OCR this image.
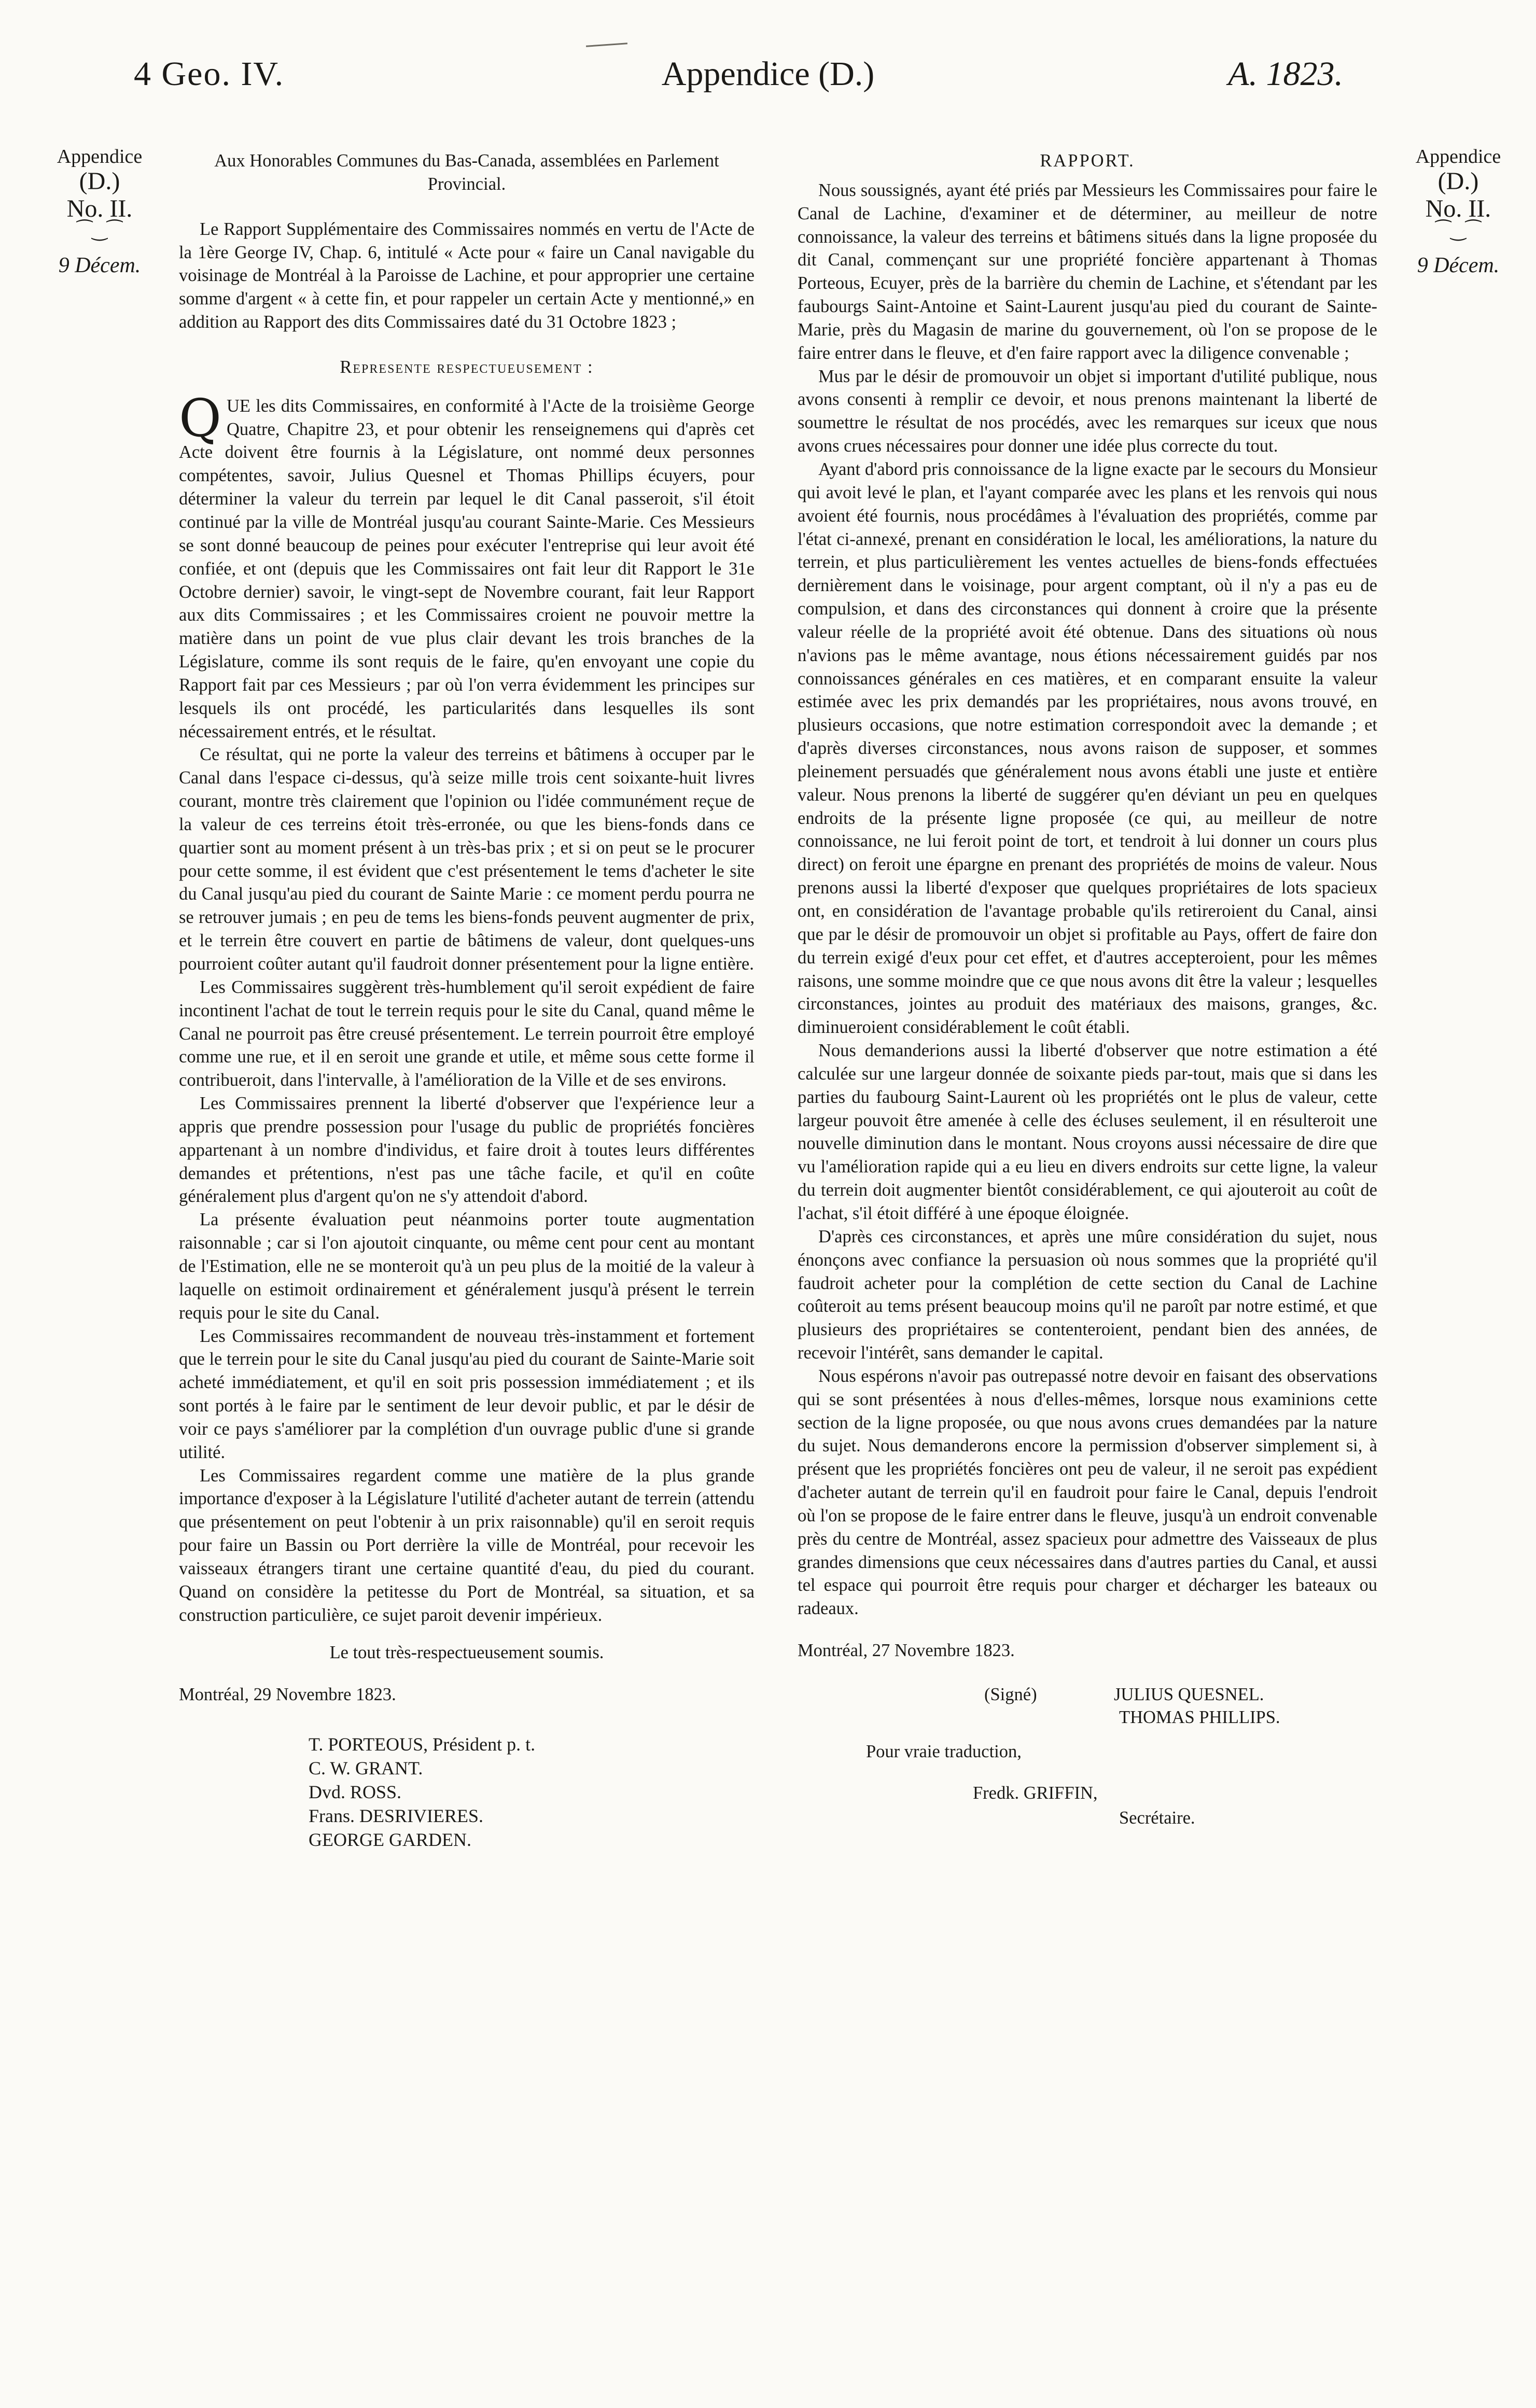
4 Geo. IV.	Appendice (D.)	A. 1823.
Appendice
(D.)
No. II.
⁀‿⁀
9 Décem.
Appendice
(D.)
No. II.
⁀‿⁀
9 Décem.

Aux Honorables Communes du Bas-Canada, assemblées en Parlement Provincial.

Le Rapport Supplémentaire des Commissaires nommés en vertu de l'Acte de la 1ère George IV, Chap. 6, intitulé « Acte pour « faire un Canal navigable du voisinage de Montréal à la Paroisse de Lachine, et pour approprier une certaine somme d'argent « à cette fin, et pour rappeler un certain Acte y mentionné,» en addition au Rapport des dits Commissaires daté du 31 Octobre 1823 ;

Represente respectueusement :

QUE les dits Commissaires, en conformité à l'Acte de la troisième George Quatre, Chapitre 23, et pour obtenir les renseignemens qui d'après cet Acte doivent être fournis à la Législature, ont nommé deux personnes compétentes, savoir, Julius Quesnel et Thomas Phillips écuyers, pour déterminer la valeur du terrein par lequel le dit Canal passeroit, s'il étoit continué par la ville de Montréal jusqu'au courant Sainte-Marie. Ces Messieurs se sont donné beaucoup de peines pour exécuter l'entreprise qui leur avoit été confiée, et ont (depuis que les Commissaires ont fait leur dit Rapport le 31e Octobre dernier) savoir, le vingt-sept de Novembre courant, fait leur Rapport aux dits Commissaires ; et les Commissaires croient ne pouvoir mettre la matière dans un point de vue plus clair devant les trois branches de la Législature, comme ils sont requis de le faire, qu'en envoyant une copie du Rapport fait par ces Messieurs ; par où l'on verra évidemment les principes sur lesquels ils ont procédé, les particularités dans lesquelles ils sont nécessairement entrés, et le résultat.

Ce résultat, qui ne porte la valeur des terreins et bâtimens à occuper par le Canal dans l'espace ci-dessus, qu'à seize mille trois cent soixante-huit livres courant, montre très clairement que l'opinion ou l'idée communément reçue de la valeur de ces terreins étoit très-erronée, ou que les biens-fonds dans ce quartier sont au moment présent à un très-bas prix ; et si on peut se le procurer pour cette somme, il est évident que c'est présentement le tems d'acheter le site du Canal jusqu'au pied du courant de Sainte Marie : ce moment perdu pourra ne se retrouver jumais ; en peu de tems les biens-fonds peuvent augmenter de prix, et le terrein être couvert en partie de bâtimens de valeur, dont quelques-uns pourroient coûter autant qu'il faudroit donner présentement pour la ligne entière.

Les Commissaires suggèrent très-humblement qu'il seroit expédient de faire incontinent l'achat de tout le terrein requis pour le site du Canal, quand même le Canal ne pourroit pas être creusé présentement. Le terrein pourroit être employé comme une rue, et il en seroit une grande et utile, et même sous cette forme il contribueroit, dans l'intervalle, à l'amélioration de la Ville et de ses environs.

Les Commissaires prennent la liberté d'observer que l'expérience leur a appris que prendre possession pour l'usage du public de propriétés foncières appartenant à un nombre d'individus, et faire droit à toutes leurs différentes demandes et prétentions, n'est pas une tâche facile, et qu'il en coûte généralement plus d'argent qu'on ne s'y attendoit d'abord.

La présente évaluation peut néanmoins porter toute augmentation raisonnable ; car si l'on ajoutoit cinquante, ou même cent pour cent au montant de l'Estimation, elle ne se monteroit qu'à un peu plus de la moitié de la valeur à laquelle on estimoit ordinairement et généralement jusqu'à présent le terrein requis pour le site du Canal.

Les Commissaires recommandent de nouveau très-instamment et fortement que le terrein pour le site du Canal jusqu'au pied du courant de Sainte-Marie soit acheté immédiatement, et qu'il en soit pris possession immédiatement ; et ils sont portés à le faire par le sentiment de leur devoir public, et par le désir de voir ce pays s'améliorer par la complétion d'un ouvrage public d'une si grande utilité.

Les Commissaires regardent comme une matière de la plus grande importance d'exposer à la Législature l'utilité d'acheter autant de terrein (attendu que présentement on peut l'obtenir à un prix raisonnable) qu'il en seroit requis pour faire un Bassin ou Port derrière la ville de Montréal, pour recevoir les vaisseaux étrangers tirant une certaine quantité d'eau, du pied du courant. Quand on considère la petitesse du Port de Montréal, sa situation, et sa construction particulière, ce sujet paroit devenir impérieux.

Le tout très-respectueusement soumis.

Montréal, 29 Novembre 1823.

T. PORTEOUS, Président p. t.
C. W. GRANT.
Dvd. ROSS.
Frans. DESRIVIERES.
GEORGE GARDEN.

RAPPORT.

Nous soussignés, ayant été priés par Messieurs les Commissaires pour faire le Canal de Lachine, d'examiner et de déterminer, au meilleur de notre connoissance, la valeur des terreins et bâtimens situés dans la ligne proposée du dit Canal, commençant sur une propriété foncière appartenant à Thomas Porteous, Ecuyer, près de la barrière du chemin de Lachine, et s'étendant par les faubourgs Saint-Antoine et Saint-Laurent jusqu'au pied du courant de Sainte-Marie, près du Magasin de marine du gouvernement, où l'on se propose de le faire entrer dans le fleuve, et d'en faire rapport avec la diligence convenable ;

Mus par le désir de promouvoir un objet si important d'utilité publique, nous avons consenti à remplir ce devoir, et nous prenons maintenant la liberté de soumettre le résultat de nos procédés, avec les remarques sur iceux que nous avons crues nécessaires pour donner une idée plus correcte du tout.

Ayant d'abord pris connoissance de la ligne exacte par le secours du Monsieur qui avoit levé le plan, et l'ayant comparée avec les plans et les renvois qui nous avoient été fournis, nous procédâmes à l'évaluation des propriétés, comme par l'état ci-annexé, prenant en considération le local, les améliorations, la nature du terrein, et plus particulièrement les ventes actuelles de biens-fonds effectuées dernièrement dans le voisinage, pour argent comptant, où il n'y a pas eu de compulsion, et dans des circonstances qui donnent à croire que la présente valeur réelle de la propriété avoit été obtenue. Dans des situations où nous n'avions pas le même avantage, nous étions nécessairement guidés par nos connoissances générales en ces matières, et en comparant ensuite la valeur estimée avec les prix demandés par les propriétaires, nous avons trouvé, en plusieurs occasions, que notre estimation correspondoit avec la demande ; et d'après diverses circonstances, nous avons raison de supposer, et sommes pleinement persuadés que généralement nous avons établi une juste et entière valeur. Nous prenons la liberté de suggérer qu'en déviant un peu en quelques endroits de la présente ligne proposée (ce qui, au meilleur de notre connoissance, ne lui feroit point de tort, et tendroit à lui donner un cours plus direct) on feroit une épargne en prenant des propriétés de moins de valeur. Nous prenons aussi la liberté d'exposer que quelques propriétaires de lots spacieux ont, en considération de l'avantage probable qu'ils retireroient du Canal, ainsi que par le désir de promouvoir un objet si profitable au Pays, offert de faire don du terrein exigé d'eux pour cet effet, et d'autres accepteroient, pour les mêmes raisons, une somme moindre que ce que nous avons dit être la valeur ; lesquelles circonstances, jointes au produit des matériaux des maisons, granges, &c. diminueroient considérablement le coût établi.

Nous demanderions aussi la liberté d'observer que notre estimation a été calculée sur une largeur donnée de soixante pieds par-tout, mais que si dans les parties du faubourg Saint-Laurent où les propriétés ont le plus de valeur, cette largeur pouvoit être amenée à celle des écluses seulement, il en résulteroit une nouvelle diminution dans le montant. Nous croyons aussi nécessaire de dire que vu l'amélioration rapide qui a eu lieu en divers endroits sur cette ligne, la valeur du terrein doit augmenter bientôt considérablement, ce qui ajouteroit au coût de l'achat, s'il étoit différé à une époque éloignée.

D'après ces circonstances, et après une mûre considération du sujet, nous énonçons avec confiance la persuasion où nous sommes que la propriété qu'il faudroit acheter pour la complétion de cette section du Canal de Lachine coûteroit au tems présent beaucoup moins qu'il ne paroît par notre estimé, et que plusieurs des propriétaires se contenteroient, pendant bien des années, de recevoir l'intérêt, sans demander le capital.

Nous espérons n'avoir pas outrepassé notre devoir en faisant des observations qui se sont présentées à nous d'elles-mêmes, lorsque nous examinions cette section de la ligne proposée, ou que nous avons crues demandées par la nature du sujet. Nous demanderons encore la permission d'observer simplement si, à présent que les propriétés foncières ont peu de valeur, il ne seroit pas expédient d'acheter autant de terrein qu'il en faudroit pour faire le Canal, depuis l'endroit où l'on se propose de le faire entrer dans le fleuve, jusqu'à un endroit convenable près du centre de Montréal, assez spacieux pour admettre des Vaisseaux de plus grandes dimensions que ceux nécessaires dans d'autres parties du Canal, et aussi tel espace qui pourroit être requis pour charger et décharger les bateaux ou radeaux.

Montréal, 27 Novembre 1823.

(Signé)	JULIUS QUESNEL.
THOMAS PHILLIPS.
Pour vraie traduction,
Fredk. GRIFFIN,
Secrétaire.
